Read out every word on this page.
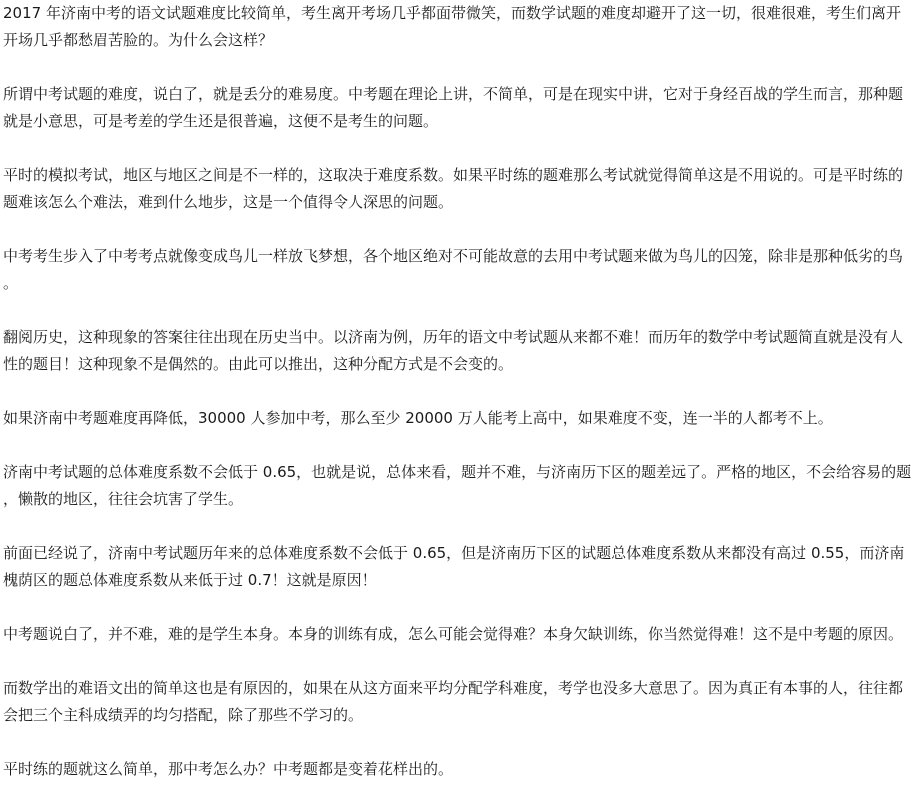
2017 年济南中考的语文试题难度比较简单，考生离开考场几乎都面带微笑，而数学试题的难度却避开了这一切，很难很难，考生们离开开场几乎都愁眉苦脸的。为什么会这样？

所谓中考试题的难度，说白了，就是丢分的难易度。中考题在理论上讲，不简单，可是在现实中讲，它对于身经百战的学生而言，那种题就是小意思，可是考差的学生还是很普遍，这便不是考生的问题。

平时的模拟考试，地区与地区之间是不一样的，这取决于难度系数。如果平时练的题难那么考试就觉得简单这是不用说的。可是平时练的题难该怎么个难法，难到什么地步，这是一个值得令人深思的问题。

中考考生步入了中考考点就像变成鸟儿一样放飞梦想，各个地区绝对不可能故意的去用中考试题来做为鸟儿的囚笼，除非是那种低劣的鸟。

翻阅历史，这种现象的答案往往出现在历史当中。以济南为例，历年的语文中考试题从来都不难！而历年的数学中考试题简直就是没有人性的题目！这种现象不是偶然的。由此可以推出，这种分配方式是不会变的。

如果济南中考题难度再降低，30000 人参加中考，那么至少 20000 万人能考上高中，如果难度不变，连一半的人都考不上。

济南中考试题的总体难度系数不会低于 0.65，也就是说，总体来看，题并不难，与济南历下区的题差远了。严格的地区，不会给容易的题，懒散的地区，往往会坑害了学生。

前面已经说了，济南中考试题历年来的总体难度系数不会低于 0.65，但是济南历下区的试题总体难度系数从来都没有高过 0.55，而济南槐荫区的题总体难度系数从来低于过 0.7！这就是原因！

中考题说白了，并不难，难的是学生本身。本身的训练有成，怎么可能会觉得难？本身欠缺训练，你当然觉得难！这不是中考题的原因。

而数学出的难语文出的简单这也是有原因的，如果在从这方面来平均分配学科难度，考学也没多大意思了。因为真正有本事的人，往往都会把三个主科成绩弄的均匀搭配，除了那些不学习的。

平时练的题就这么简单，那中考怎么办？中考题都是变着花样出的。
